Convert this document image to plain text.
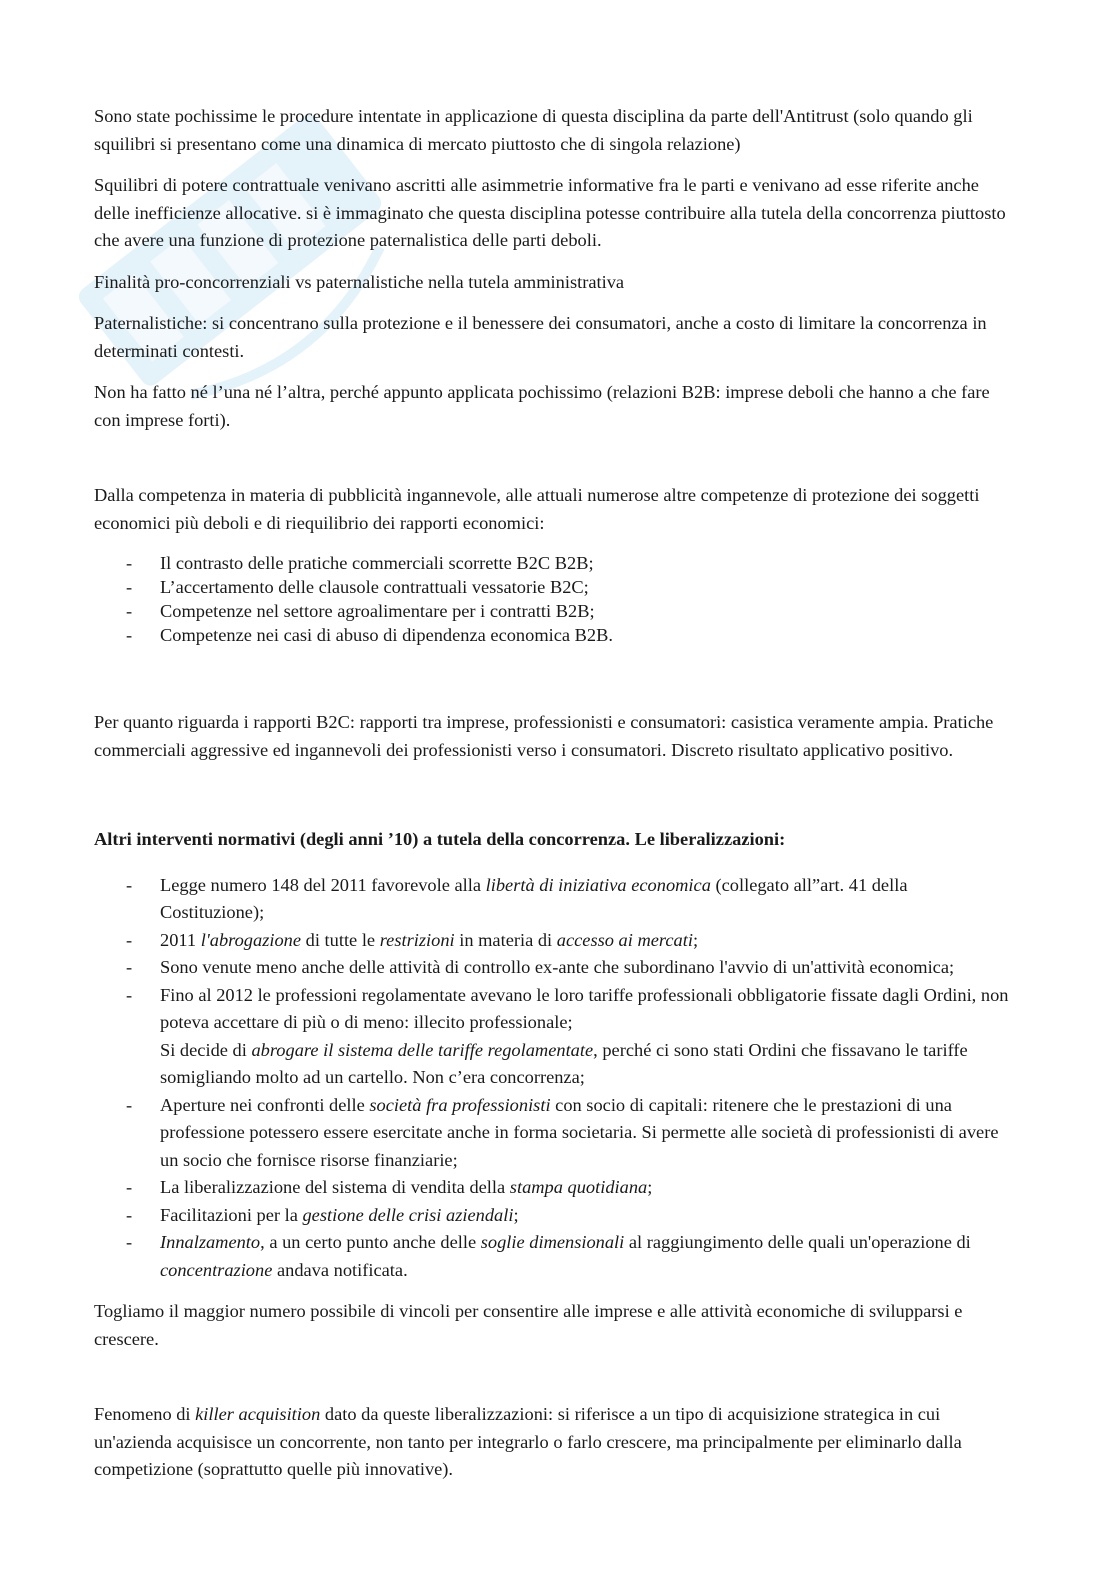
Sono state pochissime le procedure intentate in applicazione di questa disciplina da parte dell'Antitrust (solo quando gli squilibri si presentano come una dinamica di mercato piuttosto che di singola relazione)

Squilibri di potere contrattuale venivano ascritti alle asimmetrie informative fra le parti e venivano ad esse riferite anche delle inefficienze allocative. si è immaginato che questa disciplina potesse contribuire alla tutela della concorrenza piuttosto che avere una funzione di protezione paternalistica delle parti deboli.

Finalità pro-concorrenziali vs paternalistiche nella tutela amministrativa

Paternalistiche: si concentrano sulla protezione e il benessere dei consumatori, anche a costo di limitare la concorrenza in determinati contesti.

Non ha fatto né l’una né l’altra, perché appunto applicata pochissimo (relazioni B2B: imprese deboli che hanno a che fare con imprese forti).

Dalla competenza in materia di pubblicità ingannevole, alle attuali numerose altre competenze di protezione dei soggetti economici più deboli e di riequilibrio dei rapporti economici:

- Il contrasto delle pratiche commerciali scorrette B2C B2B;
- L’accertamento delle clausole contrattuali vessatorie B2C;
- Competenze nel settore agroalimentare per i contratti B2B;
- Competenze nei casi di abuso di dipendenza economica B2B.

Per quanto riguarda i rapporti B2C: rapporti tra imprese, professionisti e consumatori: casistica veramente ampia. Pratiche commerciali aggressive ed ingannevoli dei professionisti verso i consumatori. Discreto risultato applicativo positivo.

Altri interventi normativi (degli anni ’10) a tutela della concorrenza. Le liberalizzazioni:

- Legge numero 148 del 2011 favorevole alla libertà di iniziativa economica (collegato all”art. 41 della Costituzione);
- 2011 l'abrogazione di tutte le restrizioni in materia di accesso ai mercati;
- Sono venute meno anche delle attività di controllo ex-ante che subordinano l'avvio di un'attività economica;
- Fino al 2012 le professioni regolamentate avevano le loro tariffe professionali obbligatorie fissate dagli Ordini, non poteva accettare di più o di meno: illecito professionale;
Si decide di abrogare il sistema delle tariffe regolamentate, perché ci sono stati Ordini che fissavano le tariffe somigliando molto ad un cartello. Non c’era concorrenza;
- Aperture nei confronti delle società fra professionisti con socio di capitali: ritenere che le prestazioni di una professione potessero essere esercitate anche in forma societaria. Si permette alle società di professionisti di avere un socio che fornisce risorse finanziarie;
- La liberalizzazione del sistema di vendita della stampa quotidiana;
- Facilitazioni per la gestione delle crisi aziendali;
- Innalzamento, a un certo punto anche delle soglie dimensionali al raggiungimento delle quali un'operazione di concentrazione andava notificata.

Togliamo il maggior numero possibile di vincoli per consentire alle imprese e alle attività economiche di svilupparsi e crescere.

Fenomeno di killer acquisition dato da queste liberalizzazioni: si riferisce a un tipo di acquisizione strategica in cui un'azienda acquisisce un concorrente, non tanto per integrarlo o farlo crescere, ma principalmente per eliminarlo dalla competizione (soprattutto quelle più innovative).
